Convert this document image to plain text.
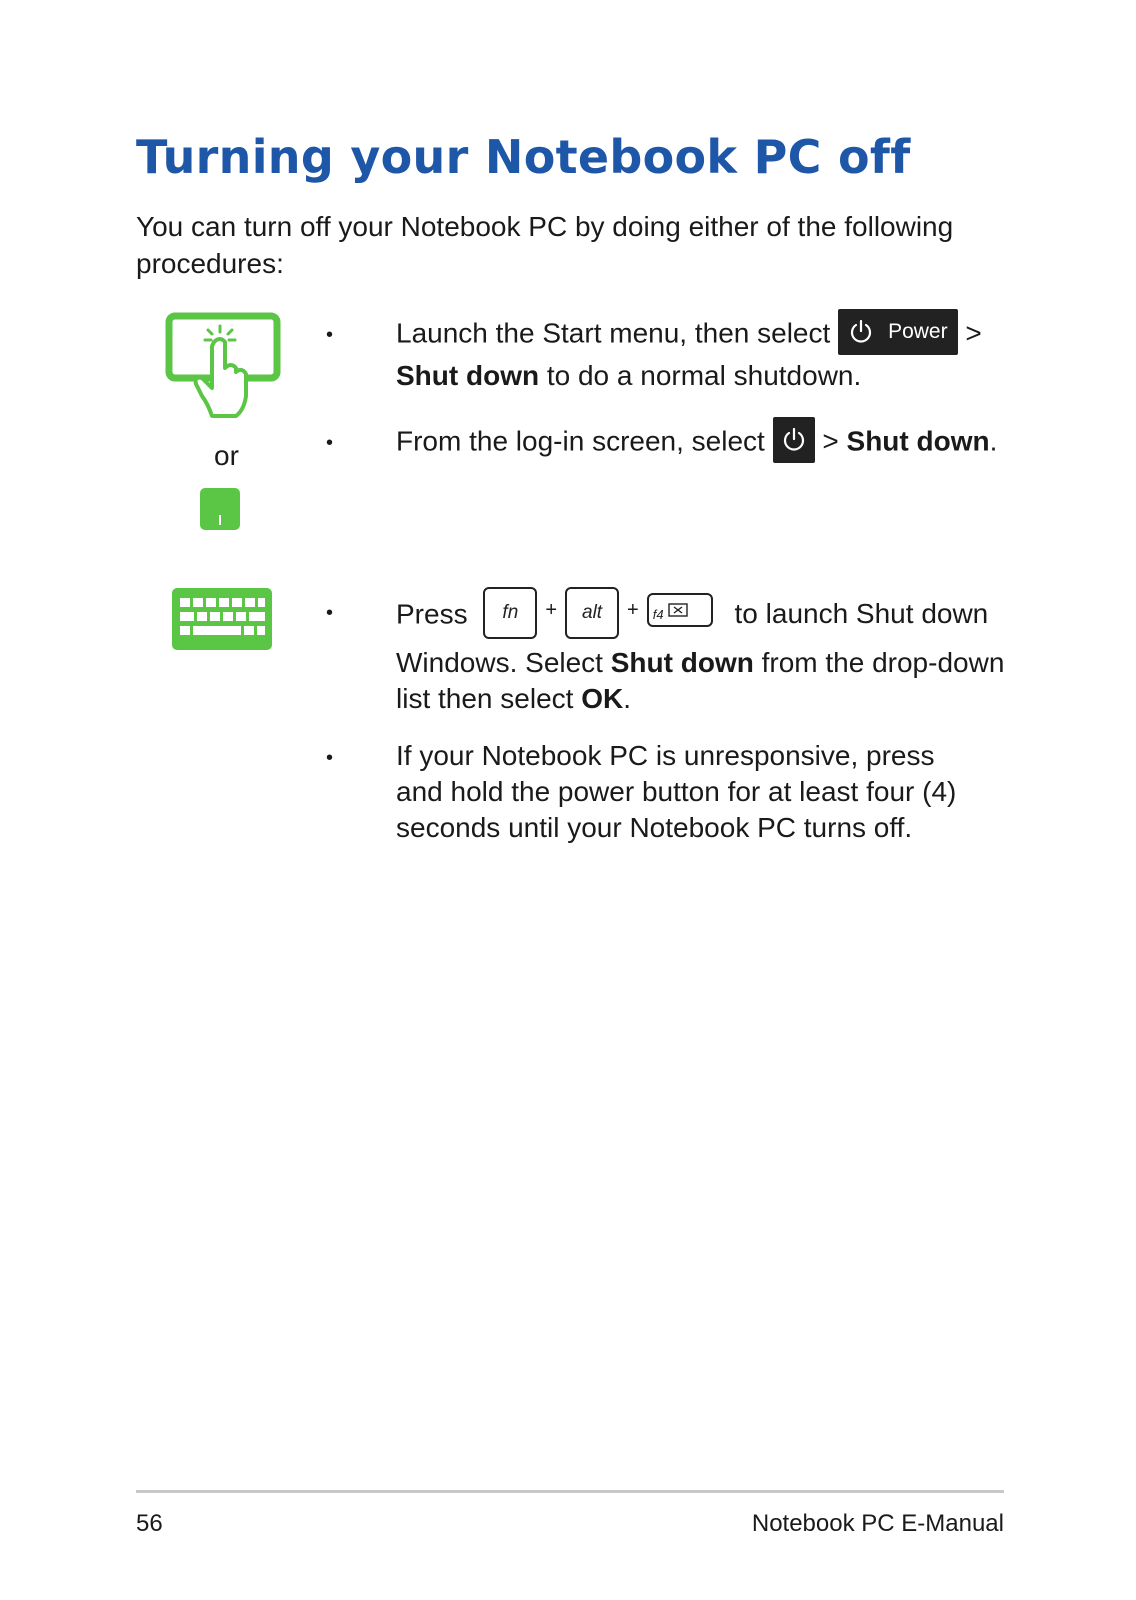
Turning your Notebook PC off

You can turn off your Notebook PC by doing either of the following procedures:

or
•
•
•
•
Launch the Start menu, then select	Power >
Shut down to do a normal shutdown.
From the log-in screen, select > Shut down.
Press fn + alt + f4	to launch Shut down
Windows. Select Shut down from the drop-down
list then select OK.
If your Notebook PC is unresponsive, press
and hold the power button for at least four (4)
seconds until your Notebook PC turns off.
56	Notebook PC E-Manual
